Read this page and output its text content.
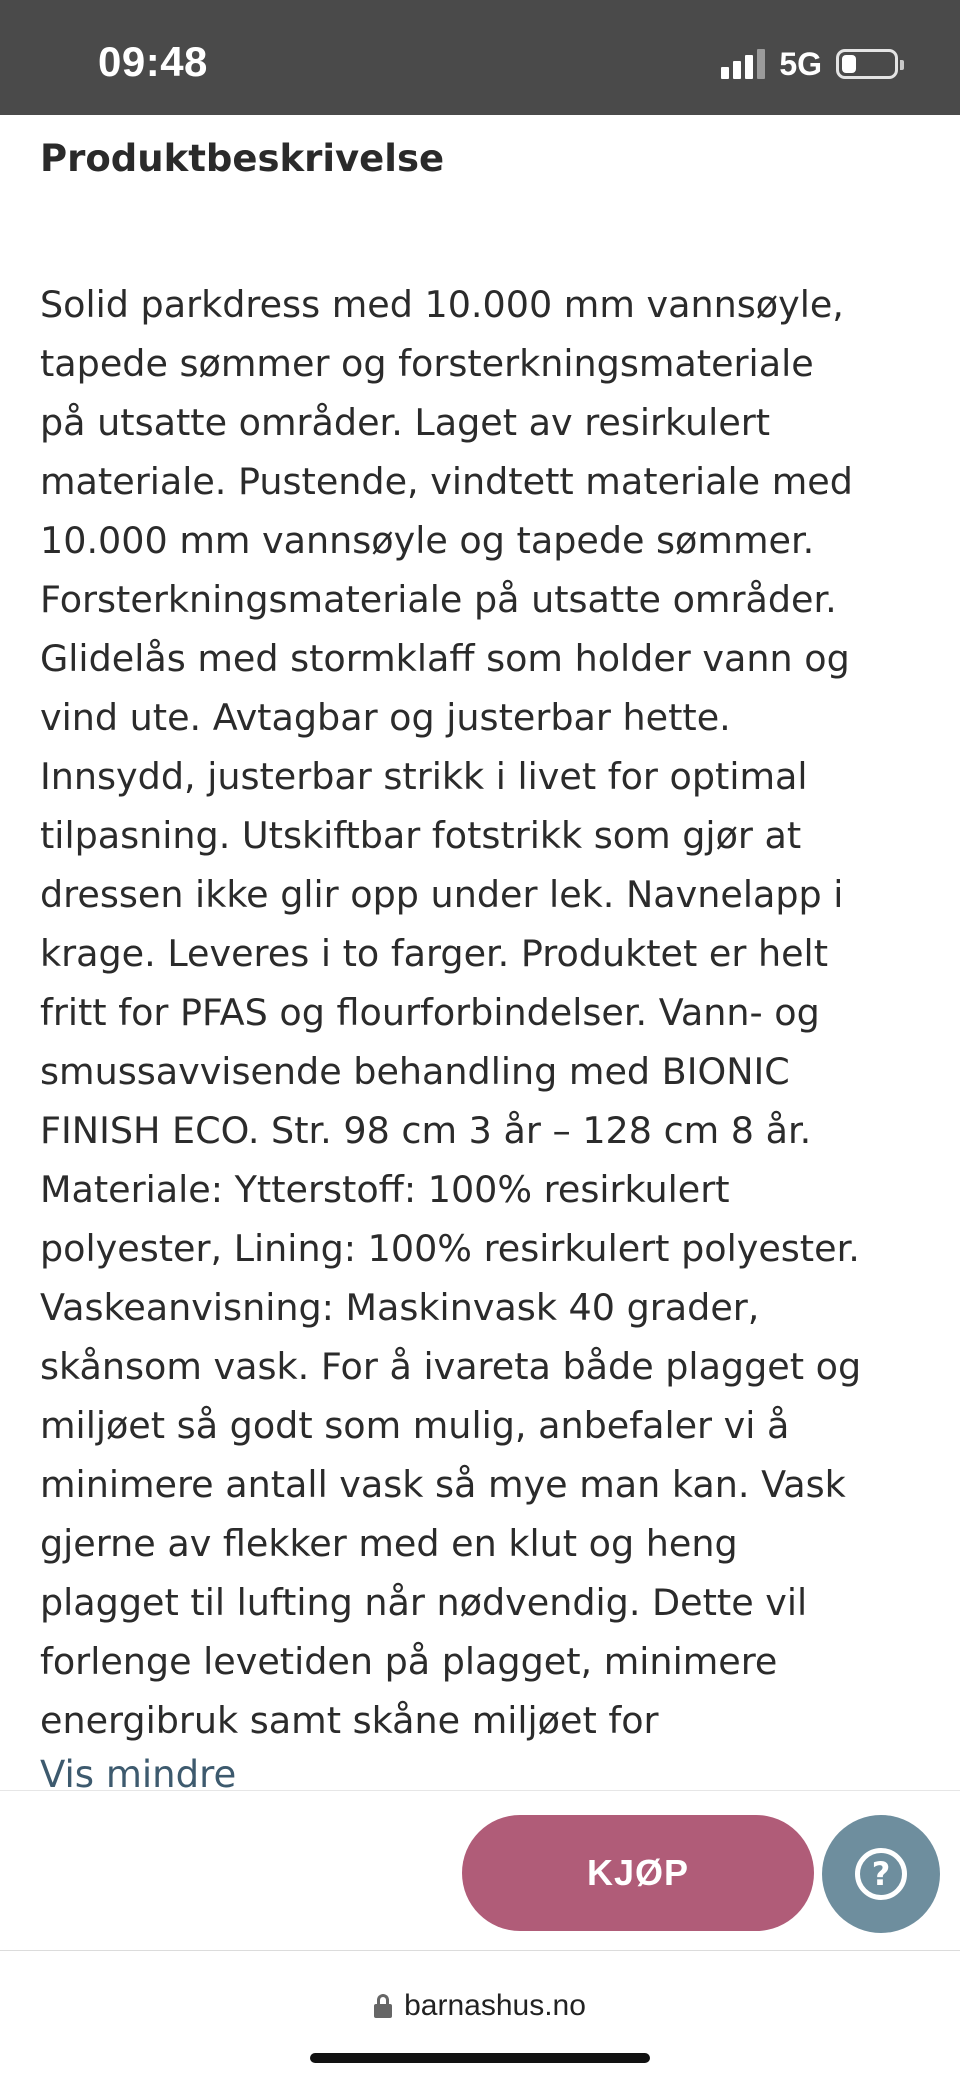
09:48	5G
Produktbeskrivelse
Solid parkdress med 10.000 mm vannsøyle,
tapede sømmer og forsterkningsmateriale
på utsatte områder. Laget av resirkulert
materiale. Pustende, vindtett materiale med
10.000 mm vannsøyle og tapede sømmer.
Forsterkningsmateriale på utsatte områder.
Glidelås med stormklaff som holder vann og
vind ute. Avtagbar og justerbar hette.
Innsydd, justerbar strikk i livet for optimal
tilpasning. Utskiftbar fotstrikk som gjør at
dressen ikke glir opp under lek. Navnelapp i
krage. Leveres i to farger. Produktet er helt
fritt for PFAS og flourforbindelser. Vann- og
smussavvisende behandling med BIONIC
FINISH ECO. Str. 98 cm 3 år – 128 cm 8 år.
Materiale: Ytterstoff: 100% resirkulert
polyester, Lining: 100% resirkulert polyester.
Vaskeanvisning: Maskinvask 40 grader,
skånsom vask. For å ivareta både plagget og
miljøet så godt som mulig, anbefaler vi å
minimere antall vask så mye man kan. Vask
gjerne av flekker med en klut og heng
plagget til lufting når nødvendig. Dette vil
forlenge levetiden på plagget, minimere
energibruk samt skåne miljøet for
Vis mindre
KJØP	?
barnashus.no
